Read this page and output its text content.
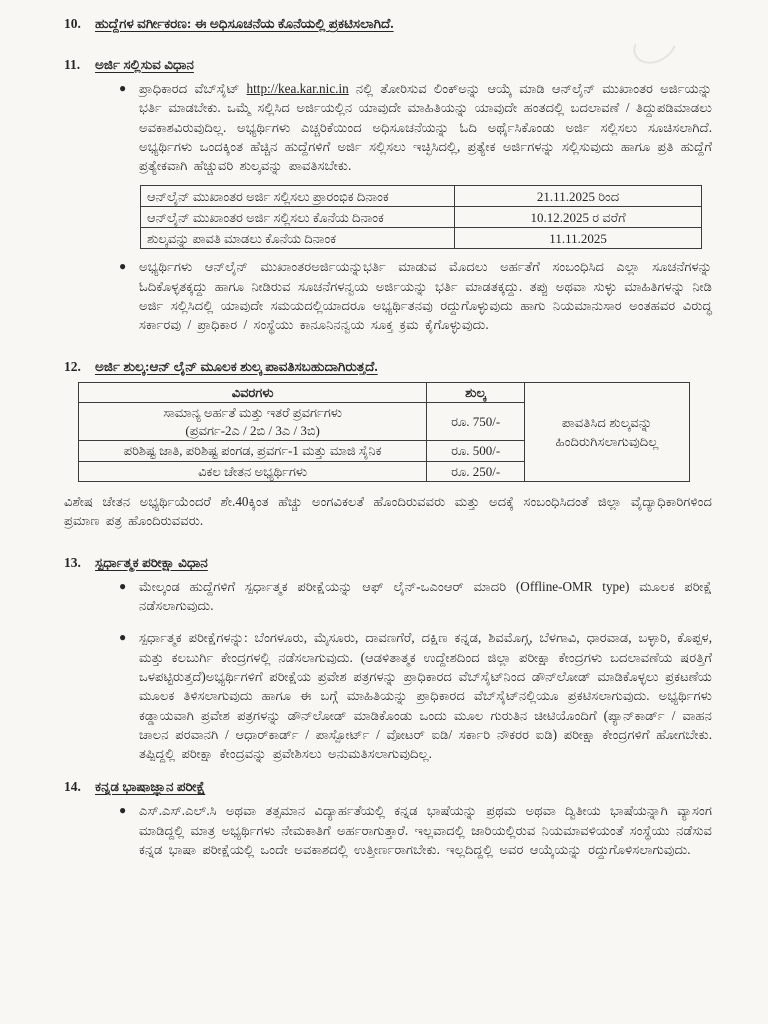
10.	ಹುದ್ದೆಗಳ ವರ್ಗೀಕರಣ: ಈ ಅಧಿಸೂಚನೆಯ ಕೊನೆಯಲ್ಲಿ ಪ್ರಕಟಿಸಲಾಗಿದೆ.
11.	ಅರ್ಜಿ ಸಲ್ಲಿಸುವ ವಿಧಾನ
● ಪ್ರಾಧಿಕಾರದ ವೆಬ್‌ಸೈಟ್ http://kea.kar.nic.in ನಲ್ಲಿ ತೋರಿಸುವ ಲಿಂಕ್‌ಅನ್ನು ಆಯ್ಕೆ ಮಾಡಿ ಆನ್‌ಲೈನ್ ಮುಖಾಂತರ ಅರ್ಜಿಯನ್ನು ಭರ್ತಿ ಮಾಡಬೇಕು. ಒಮ್ಮೆ ಸಲ್ಲಿಸಿದ ಅರ್ಜಿಯಲ್ಲಿನ ಯಾವುದೇ ಮಾಹಿತಿಯನ್ನು ಯಾವುದೇ ಹಂತದಲ್ಲಿ ಬದಲಾವಣೆ / ತಿದ್ದುಪಡಿಮಾಡಲು ಅವಕಾಶವಿರುವುದಿಲ್ಲ. ಅಭ್ಯರ್ಥಿಗಳು ಎಚ್ಚರಿಕೆಯಿಂದ ಅಧಿಸೂಚನೆಯನ್ನು ಓದಿ ಅರ್ಥೈಸಿಕೊಂಡು ಅರ್ಜಿ ಸಲ್ಲಿಸಲು ಸೂಚಿಸಲಾಗಿದೆ. ಅಭ್ಯರ್ಥಿಗಳು ಒಂದಕ್ಕಿಂತ ಹೆಚ್ಚಿನ ಹುದ್ದೆಗಳಿಗೆ ಅರ್ಜಿ ಸಲ್ಲಿಸಲು ಇಚ್ಛಿಸಿದಲ್ಲಿ, ಪ್ರತ್ಯೇಕ ಅರ್ಜಿಗಳನ್ನು ಸಲ್ಲಿಸುವುದು ಹಾಗೂ ಪ್ರತಿ ಹುದ್ದೆಗೆ ಪ್ರತ್ಯೇಕವಾಗಿ ಹೆಚ್ಚುವರಿ ಶುಲ್ಕವನ್ನು ಪಾವತಿಸಬೇಕು.
ಆನ್‌ಲೈನ್ ಮುಖಾಂತರ ಅರ್ಜಿ ಸಲ್ಲಿಸಲು ಪ್ರಾರಂಭಿಕ ದಿನಾಂಕ	21.11.2025 ರಿಂದ
ಆನ್‌ಲೈನ್ ಮುಖಾಂತರ ಅರ್ಜಿ ಸಲ್ಲಿಸಲು ಕೊನೆಯ ದಿನಾಂಕ	10.12.2025 ರ ವರೆಗೆ
ಶುಲ್ಕವನ್ನು ಪಾವತಿ ಮಾಡಲು ಕೊನೆಯ ದಿನಾಂಕ	11.11.2025
● ಅಭ್ಯರ್ಥಿಗಳು ಆನ್‌ಲೈನ್ ಮುಖಾಂತರಅರ್ಜಿಯನ್ನುಭರ್ತಿ ಮಾಡುವ ಮೊದಲು ಅರ್ಹತೆಗೆ ಸಂಬಂಧಿಸಿದ ಎಲ್ಲಾ ಸೂಚನೆಗಳನ್ನು ಓದಿಕೊಳ್ಳತಕ್ಕದ್ದು ಹಾಗೂ ನೀಡಿರುವ ಸೂಚನೆಗಳನ್ವಯ ಅರ್ಜಿಯನ್ನು ಭರ್ತಿ ಮಾಡತಕ್ಕದ್ದು. ತಪ್ಪು ಅಥವಾ ಸುಳ್ಳು ಮಾಹಿತಿಗಳನ್ನು ನೀಡಿ ಅರ್ಜಿ ಸಲ್ಲಿಸಿದಲ್ಲಿ ಯಾವುದೇ ಸಮಯದಲ್ಲಿಯಾದರೂ ಅಭ್ಯರ್ಥಿತನವು ರದ್ದುಗೊಳ್ಳುವುದು ಹಾಗು ನಿಯಮಾನುಸಾರ ಅಂತಹವರ ವಿರುದ್ಧ ಸರ್ಕಾರವು / ಪ್ರಾಧಿಕಾರ / ಸಂಸ್ಥೆಯು ಕಾನೂನಿನನ್ವಯ ಸೂಕ್ತ ಕ್ರಮ ಕೈಗೊಳ್ಳುವುದು.
12.	ಅರ್ಜಿ ಶುಲ್ಕ:ಆನ್ ಲೈನ್ ಮೂಲಕ ಶುಲ್ಕ ಪಾವತಿಸಬಹುದಾಗಿರುತ್ತದೆ.
ವಿವರಗಳು	ಶುಲ್ಕ	ಪಾವತಿಸಿದ ಶುಲ್ಕವನ್ನು
ಹಿಂದಿರುಗಿಸಲಾಗುವುದಿಲ್ಲ

ಸಾಮಾನ್ಯ ಅರ್ಹತೆ ಮತ್ತು ಇತರೆ ಪ್ರವರ್ಗಗಳು
(ಪ್ರವರ್ಗ-2ಎ / 2ಬಿ / 3ಎ / 3ಬಿ)	ರೂ. 750/-	
ಪರಿಶಿಷ್ಟ ಜಾತಿ, ಪರಿಶಿಷ್ಟ ಪಂಗಡ, ಪ್ರವರ್ಗ-1 ಮತ್ತು ಮಾಜಿ ಸೈನಿಕ	ರೂ. 500/-	
ವಿಕಲ ಚೇತನ ಅಭ್ಯರ್ಥಿಗಳು	ರೂ. 250/-	
ವಿಶೇಷ ಚೇತನ ಅಭ್ಯರ್ಥಿಯೆಂದರೆ ಶೇ.40ಕ್ಕಿಂತ ಹೆಚ್ಚು ಅಂಗವಿಕಲತೆ ಹೊಂದಿರುವವರು ಮತ್ತು ಅದಕ್ಕೆ ಸಂಬಂಧಿಸಿದಂತೆ ಜಿಲ್ಲಾ ವೈದ್ಯಾಧಿಕಾರಿಗಳಿಂದ ಪ್ರಮಾಣ ಪತ್ರ ಹೊಂದಿರುವವರು.
13.	ಸ್ಪರ್ಧಾತ್ಮಕ ಪರೀಕ್ಷಾ ವಿಧಾನ
● ಮೇಲ್ಕಂಡ ಹುದ್ದೆಗಳಿಗೆ ಸ್ಪರ್ಧಾತ್ಮಕ ಪರೀಕ್ಷೆಯನ್ನು ಆಫ್ ಲೈನ್-ಒಎಂಆರ್ ಮಾದರಿ (Offline-OMR type) ಮೂಲಕ ಪರೀಕ್ಷೆ ನಡೆಸಲಾಗುವುದು.
● ಸ್ಪರ್ಧಾತ್ಮಕ ಪರೀಕ್ಷೆಗಳನ್ನು: ಬೆಂಗಳೂರು, ಮೈಸೂರು, ದಾವಣಗೆರೆ, ದಕ್ಷಿಣ ಕನ್ನಡ, ಶಿವಮೊಗ್ಗ, ಬೆಳಗಾವಿ, ಧಾರವಾಡ, ಬಳ್ಳಾರಿ, ಕೊಪ್ಪಳ, ಮತ್ತು ಕಲಬುರ್ಗಿ ಕೇಂದ್ರಗಳಲ್ಲಿ ನಡೆಸಲಾಗುವುದು. (ಆಡಳಿತಾತ್ಮಕ ಉದ್ದೇಶದಿಂದ ಜಿಲ್ಲಾ ಪರೀಕ್ಷಾ ಕೇಂದ್ರಗಳು ಬದಲಾವಣೆಯ ಷರತ್ತಿಗೆ ಒಳಪಟ್ಟಿರುತ್ತದೆ)ಅಭ್ಯರ್ಥಿಗಳಿಗೆ ಪರೀಕ್ಷೆಯ ಪ್ರವೇಶ ಪತ್ರಗಳನ್ನು ಪ್ರಾಧಿಕಾರದ ವೆಬ್‌ಸೈಟ್‌ನಿಂದ ಡೌನ್‌ಲೋಡ್ ಮಾಡಿಕೊಳ್ಳಲು ಪ್ರಕಟಣೆಯ ಮೂಲಕ ತಿಳಿಸಲಾಗುವುದು ಹಾಗೂ ಈ ಬಗ್ಗೆ ಮಾಹಿತಿಯನ್ನು ಪ್ರಾಧಿಕಾರದ ವೆಬ್‌ಸೈಟ್‌ನಲ್ಲಿಯೂ ಪ್ರಕಟಿಸಲಾಗುವುದು. ಅಭ್ಯರ್ಥಿಗಳು ಕಡ್ಡಾಯವಾಗಿ ಪ್ರವೇಶ ಪತ್ರಗಳನ್ನು ಡೌನ್‌ಲೋಡ್ ಮಾಡಿಕೊಂಡು ಒಂದು ಮೂಲ ಗುರುತಿನ ಚೀಟಿಯೊಂದಿಗೆ (ಪ್ಯಾನ್‌ಕಾರ್ಡ್ / ವಾಹನ ಚಾಲನ ಪರವಾನಗಿ / ಆಧಾರ್‌ಕಾರ್ಡ್ / ಪಾಸ್ಪೋರ್ಟ್ / ವೋಟರ್ ಐಡಿ/ ಸರ್ಕಾರಿ ನೌಕರರ ಐಡಿ) ಪರೀಕ್ಷಾ ಕೇಂದ್ರಗಳಿಗೆ ಹೋಗಬೇಕು. ತಪ್ಪಿದ್ದಲ್ಲಿ ಪರೀಕ್ಷಾ ಕೇಂದ್ರವನ್ನು ಪ್ರವೇಶಿಸಲು ಅನುಮತಿಸಲಾಗುವುದಿಲ್ಲ.
14.	ಕನ್ನಡ ಭಾಷಾಜ್ಞಾನ ಪರೀಕ್ಷೆ
● ಎಸ್.ಎಸ್.ಎಲ್.ಸಿ ಅಥವಾ ತತ್ಸಮಾನ ವಿದ್ಯಾರ್ಹತೆಯಲ್ಲಿ ಕನ್ನಡ ಭಾಷೆಯನ್ನು ಪ್ರಥಮ ಅಥವಾ ದ್ವಿತೀಯ ಭಾಷೆಯನ್ನಾಗಿ ವ್ಯಾಸಂಗ ಮಾಡಿದ್ದಲ್ಲಿ ಮಾತ್ರ ಅಭ್ಯರ್ಥಿಗಳು ನೇಮಕಾತಿಗೆ ಅರ್ಹರಾಗುತ್ತಾರೆ. ಇಲ್ಲವಾದಲ್ಲಿ ಜಾರಿಯಲ್ಲಿರುವ ನಿಯಮಾವಳಿಯಂತೆ ಸಂಸ್ಥೆಯು ನಡೆಸುವ ಕನ್ನಡ ಭಾಷಾ ಪರೀಕ್ಷೆಯಲ್ಲಿ ಒಂದೇ ಅವಕಾಶದಲ್ಲಿ ಉತ್ತೀರ್ಣರಾಗಬೇಕು. ಇಲ್ಲದಿದ್ದಲ್ಲಿ ಅವರ ಆಯ್ಕೆಯನ್ನು ರದ್ದುಗೊಳಿಸಲಾಗುವುದು.
